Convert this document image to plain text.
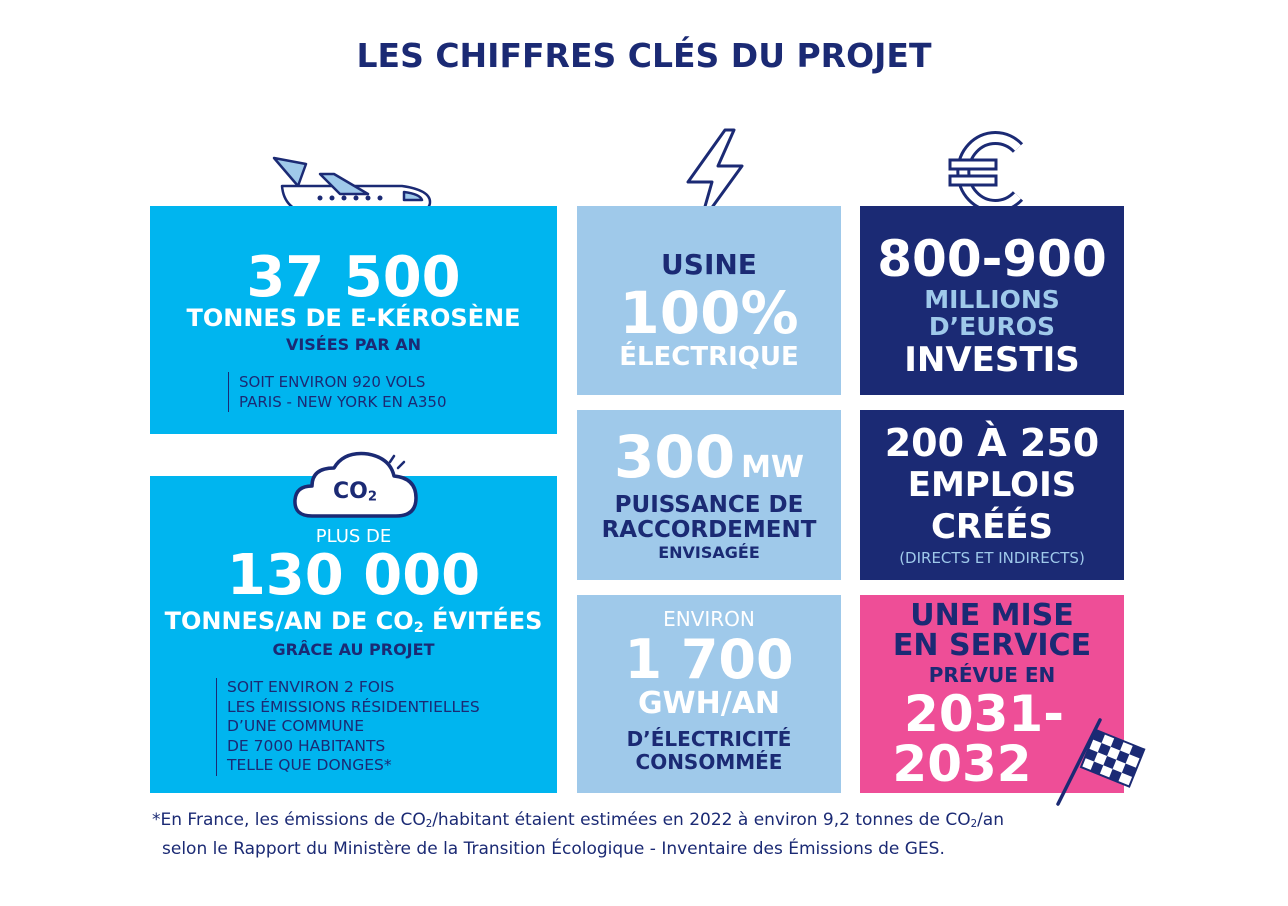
LES CHIFFRES CLÉS DU PROJET
37 500
TONNES DE E-KÉROSÈNE
VISÉES PAR AN
SOIT ENVIRON 920 VOLS
PARIS - NEW YORK EN A350
USINE
100%
ÉLECTRIQUE
800-900
MILLIONS
D’EUROS
INVESTIS
PLUS DE
130 000
TONNES/AN DE $CO_2$ ÉVITÉES
GRÂCE AU PROJET
SOIT ENVIRON 2 FOIS
LES ÉMISSIONS RÉSIDENTIELLES
D’UNE COMMUNE
DE 7000 HABITANTS
TELLE QUE DONGES*
$CO_2$
300 MW
PUISSANCE DE
RACCORDEMENT
ENVISAGÉE
200 À 250
EMPLOIS
CRÉÉS
(DIRECTS ET INDIRECTS)
ENVIRON
1 700
GWH/AN
D’ÉLECTRICITÉ
CONSOMMÉE
UNE MISE
EN SERVICE
PRÉVUE EN
2031-
2032
*En France, les émissions de $CO_2$/habitant étaient estimées en 2022 à environ 9,2 tonnes de $CO_2/an$
selon le Rapport du Ministère de la Transition Écologique - Inventaire des Émissions de GES.
